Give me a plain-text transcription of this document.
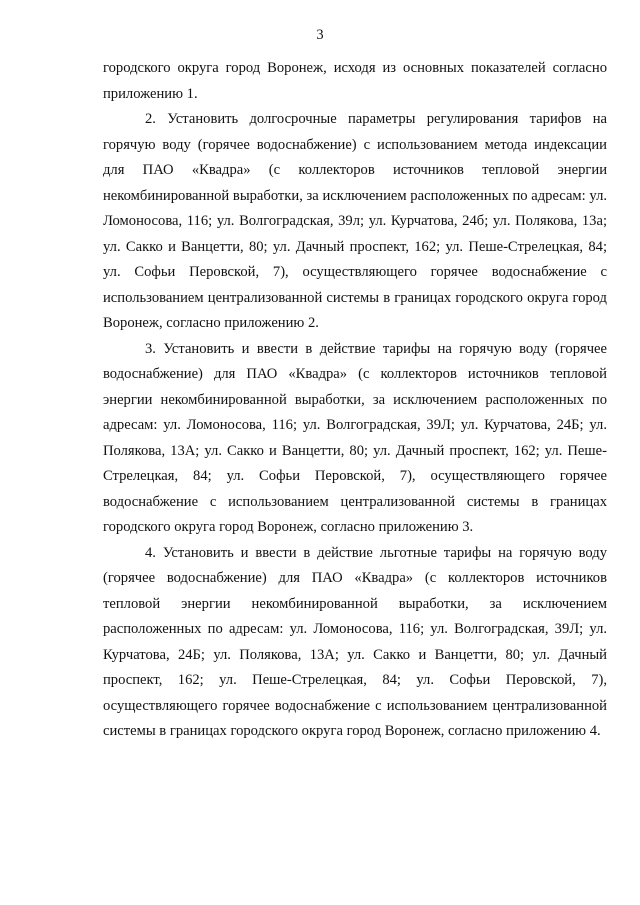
3

городского округа город Воронеж, исходя из основных показателей согласно приложению 1.

2. Установить долгосрочные параметры регулирования тарифов на горячую воду (горячее водоснабжение) с использованием метода индексации для ПАО «Квадра» (с коллекторов источников тепловой энергии некомбинированной выработки, за исключением расположенных по адресам: ул. Ломоносова, 116; ул. Волгоградская, 39л; ул. Курчатова, 24б; ул. Полякова, 13а; ул. Сакко и Ванцетти, 80; ул. Дачный проспект, 162; ул. Пеше-Стрелецкая, 84; ул. Софьи Перовской, 7), осуществляющего горячее водоснабжение с использованием централизованной системы в границах городского округа город Воронеж, согласно приложению 2.

3. Установить и ввести в действие тарифы на горячую воду (горячее водоснабжение) для ПАО «Квадра» (с коллекторов источников тепловой энергии некомбинированной выработки, за исключением расположенных по адресам: ул. Ломоносова, 116; ул. Волгоградская, 39Л; ул. Курчатова, 24Б; ул. Полякова, 13А; ул. Сакко и Ванцетти, 80; ул. Дачный проспект, 162; ул. Пеше-Стрелецкая, 84; ул. Софьи Перовской, 7), осуществляющего горячее водоснабжение с использованием централизованной системы в границах городского округа город Воронеж, согласно приложению 3.

4. Установить и ввести в действие льготные тарифы на горячую воду (горячее водоснабжение) для ПАО «Квадра» (с коллекторов источников тепловой энергии некомбинированной выработки, за исключением расположенных по адресам: ул. Ломоносова, 116; ул. Волгоградская, 39Л; ул. Курчатова, 24Б; ул. Полякова, 13А; ул. Сакко и Ванцетти, 80; ул. Дачный проспект, 162; ул. Пеше-Стрелецкая, 84; ул. Софьи Перовской, 7), осуществляющего горячее водоснабжение с использованием централизованной системы в границах городского округа город Воронеж, согласно приложению 4.
